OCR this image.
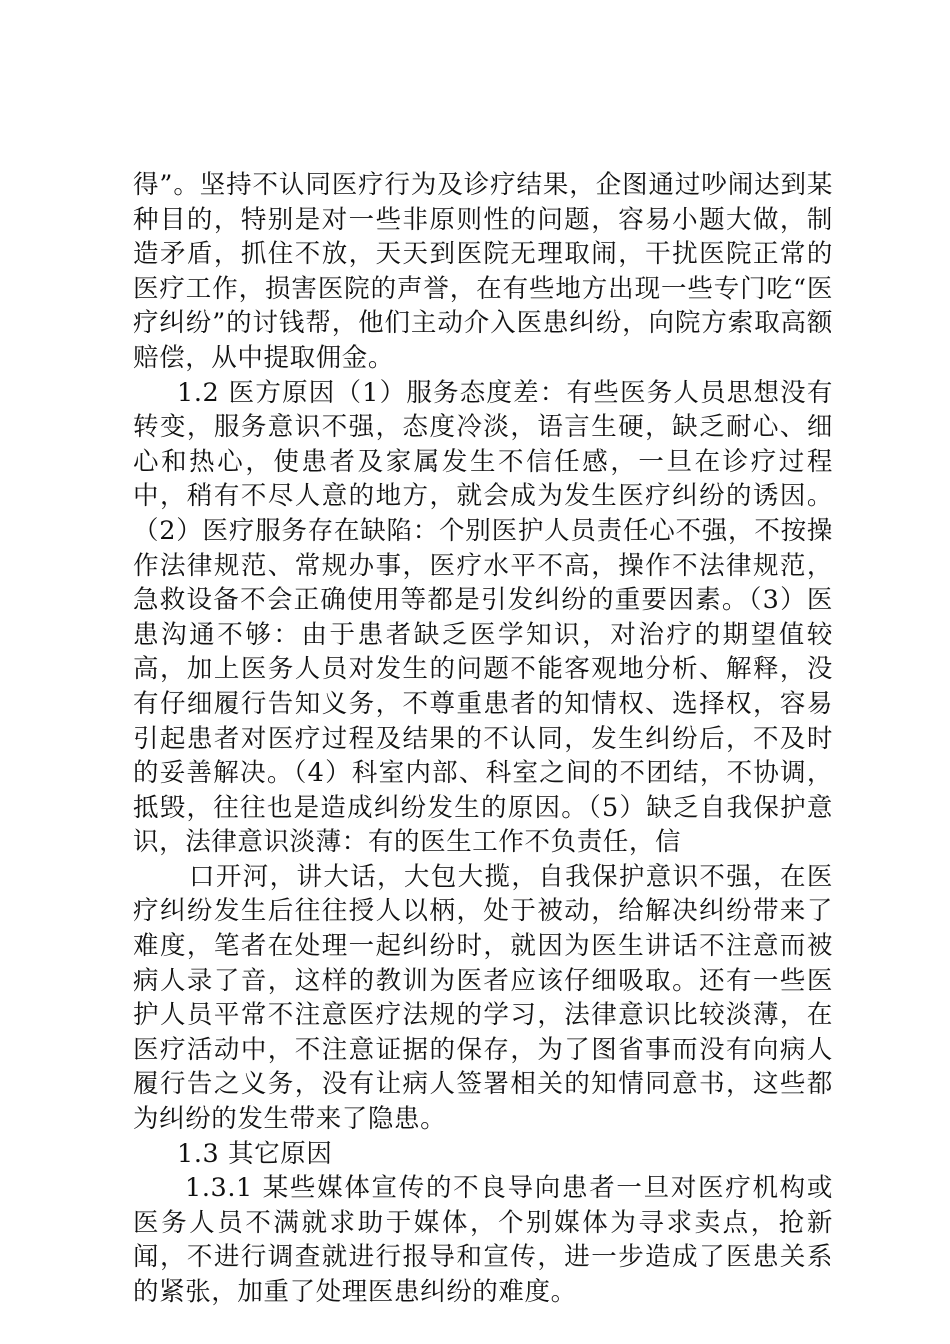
得”。坚持不认同医疗行为及诊疗结果，企图通过吵闹达到某种目的，特别是对一些非原则性的问题，容易小题大做，制造矛盾，抓住不放，天天到医院无理取闹，干扰医院正常的医疗工作，损害医院的声誉，在有些地方出现一些专门吃“医疗纠纷”的讨钱帮，他们主动介入医患纠纷，向院方索取高额赔偿，从中提取佣金。

1.2 医方原因（1）服务态度差：有些医务人员思想没有转变，服务意识不强，态度冷淡，语言生硬，缺乏耐心、细心和热心，使患者及家属发生不信任感，一旦在诊疗过程中，稍有不尽人意的地方，就会成为发生医疗纠纷的诱因。（2）医疗服务存在缺陷：个别医护人员责任心不强，不按操作法律规范、常规办事，医疗水平不高，操作不法律规范，急救设备不会正确使用等都是引发纠纷的重要因素。（3）医患沟通不够：由于患者缺乏医学知识，对治疗的期望值较高，加上医务人员对发生的问题不能客观地分析、解释，没有仔细履行告知义务，不尊重患者的知情权、选择权，容易引起患者对医疗过程及结果的不认同，发生纠纷后，不及时的妥善解决。（4）科室内部、科室之间的不团结，不协调，抵毁，往往也是造成纠纷发生的原因。（5）缺乏自我保护意识，法律意识淡薄：有的医生工作不负责任，信

口开河，讲大话，大包大揽，自我保护意识不强，在医疗纠纷发生后往往授人以柄，处于被动，给解决纠纷带来了难度，笔者在处理一起纠纷时，就因为医生讲话不注意而被病人录了音，这样的教训为医者应该仔细吸取。还有一些医护人员平常不注意医疗法规的学习，法律意识比较淡薄，在医疗活动中，不注意证据的保存，为了图省事而没有向病人履行告之义务，没有让病人签署相关的知情同意书，这些都为纠纷的发生带来了隐患。

1.3 其它原因

1.3.1 某些媒体宣传的不良导向患者一旦对医疗机构或医务人员不满就求助于媒体，个别媒体为寻求卖点，抢新闻，不进行调查就进行报导和宣传，进一步造成了医患关系的紧张，加重了处理医患纠纷的难度。
